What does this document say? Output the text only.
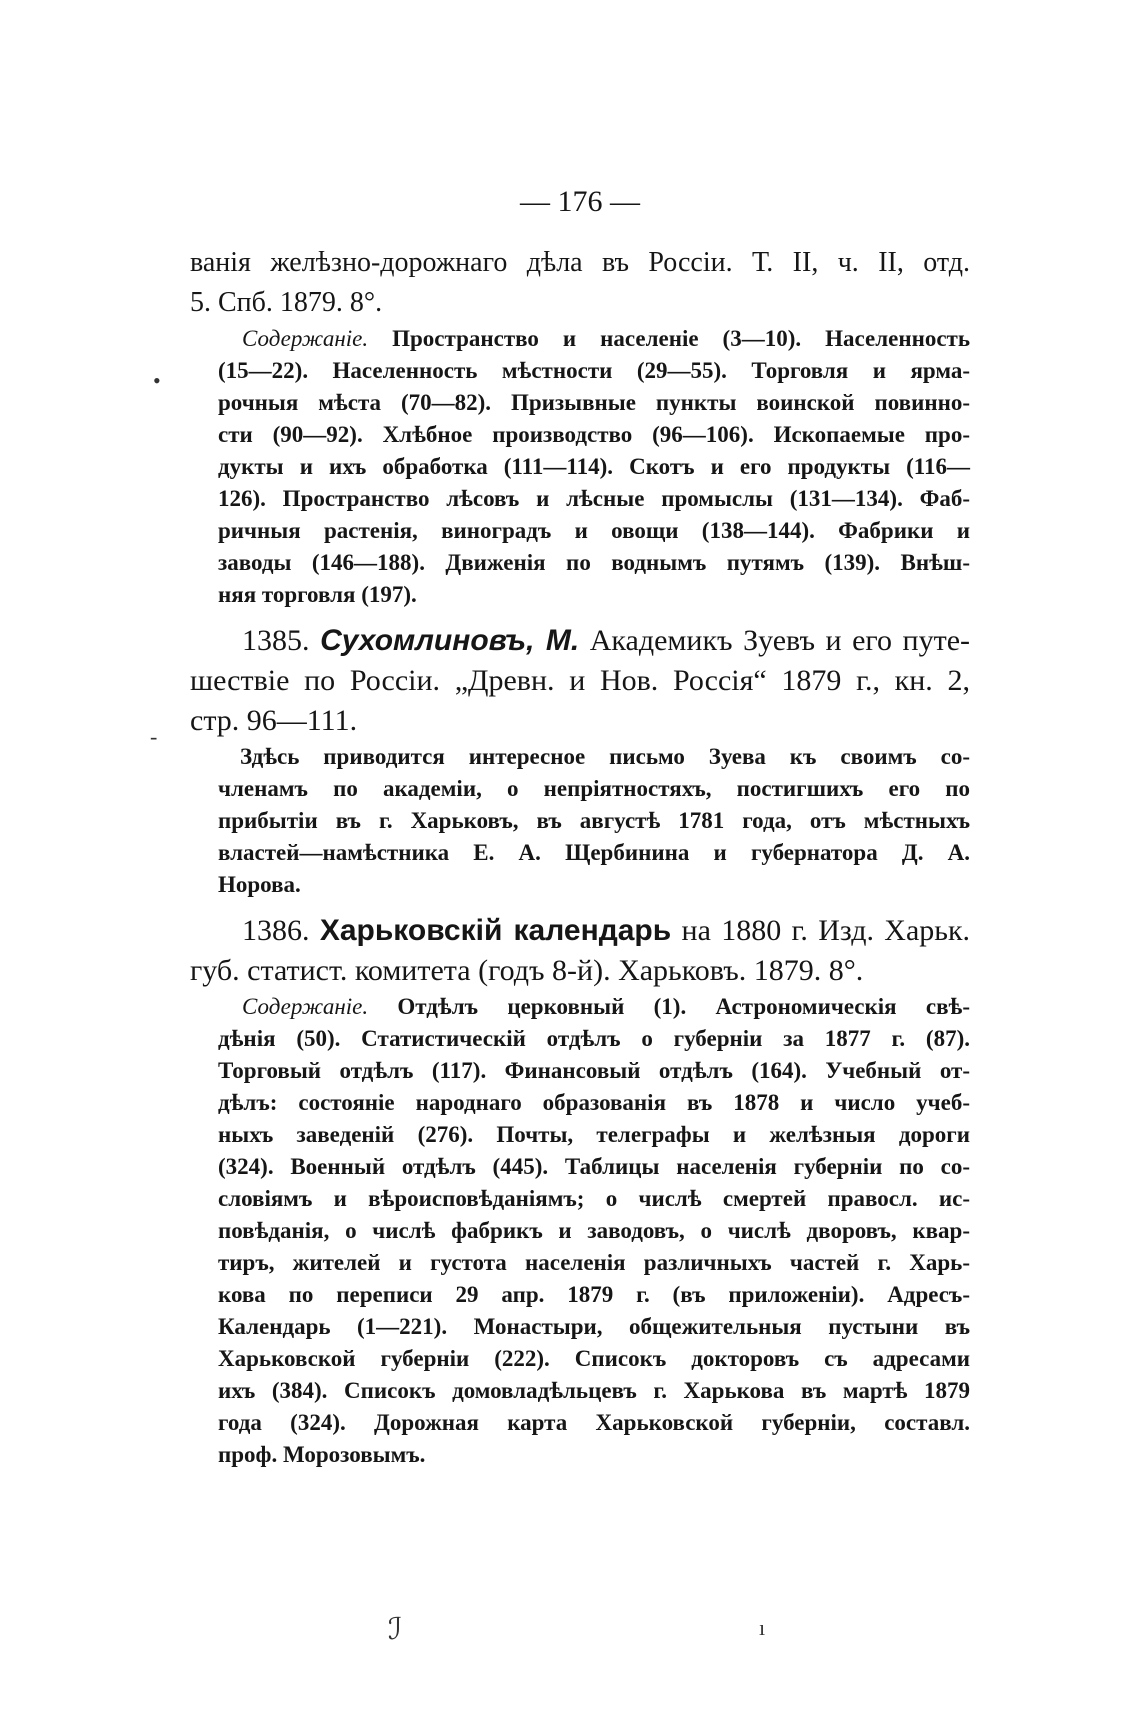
— 176 —
ванія желѣзно-дорожнаго дѣла въ Россіи. Т. II, ч. II, отд.
5. Спб. 1879. 8°.
Содержаніе. Пространство и населеніе (3—10). Населенность
(15—22). Населенность мѣстности (29—55). Торговля и ярма-
рочныя мѣста (70—82). Призывные пункты воинской повинно-
сти (90—92). Хлѣбное производство (96—106). Ископаемые про-
дукты и ихъ обработка (111—114). Скотъ и его продукты (116—
126). Пространство лѣсовъ и лѣсные промыслы (131—134). Фаб-
ричныя растенія, виноградъ и овощи (138—144). Фабрики и
заводы (146—188). Движенія по воднымъ путямъ (139). Внѣш-
няя торговля (197).
1385. Сухомлиновъ, М. Академикъ Зуевъ и его путе-
шествіе по Россіи. „Древн. и Нов. Россія“ 1879 г., кн. 2,
стр. 96—111.
Здѣсь приводится интересное письмо Зуева къ своимъ со-
членамъ по академіи, о непріятностяхъ, постигшихъ его по
прибытіи въ г. Харьковъ, въ августѣ 1781 года, отъ мѣстныхъ
властей—намѣстника Е. А. Щербинина и губернатора Д. А.
Норова.
1386. Харьковскій календарь на 1880 г. Изд. Харьк.
губ. статист. комитета (годъ 8-й). Харьковъ. 1879. 8°.
Содержаніе. Отдѣлъ церковный (1). Астрономическія свѣ-
дѣнія (50). Статистическій отдѣлъ о губерніи за 1877 г. (87).
Торговый отдѣлъ (117). Финансовый отдѣлъ (164). Учебный от-
дѣлъ: состояніе народнаго образованія въ 1878 и число учеб-
ныхъ заведеній (276). Почты, телеграфы и желѣзныя дороги
(324). Военный отдѣлъ (445). Таблицы населенія губерніи по со-
словіямъ и вѣроисповѣданіямъ; о числѣ смертей правосл. ис-
повѣданія, о числѣ фабрикъ и заводовъ, о числѣ дворовъ, квар-
тиръ, жителей и густота населенія различныхъ частей г. Харь-
кова по переписи 29 апр. 1879 г. (въ приложеніи). Адресъ-
Календарь (1—221). Монастыри, общежительныя пустыни въ
Харьковской губерніи (222). Списокъ докторовъ съ адресами
ихъ (384). Списокъ домовладѣльцевъ г. Харькова въ мартѣ 1879
года (324). Дорожная карта Харьковской губерніи, составл.
проф. Морозовымъ.
•
-
ℐ	ı
